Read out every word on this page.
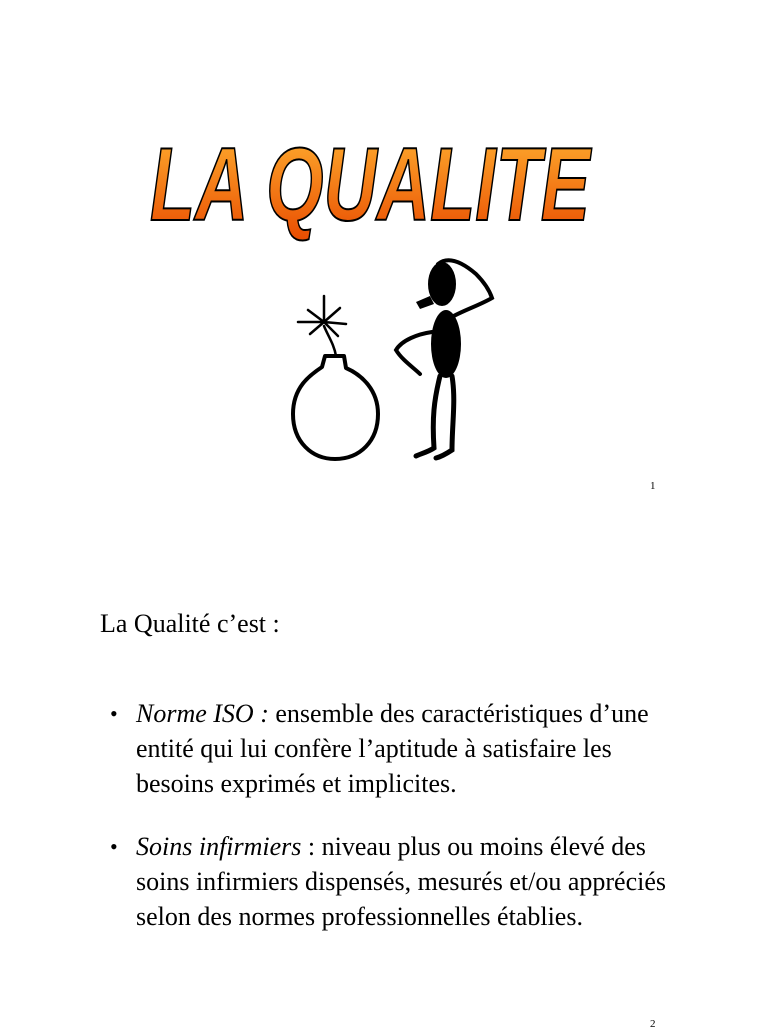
LA QUALITE
1
La Qualité c’est :
• Norme ISO : ensemble des caractéristiques d’une entité qui lui confère l’aptitude à satisfaire les besoins exprimés et implicites.
• Soins infirmiers : niveau plus ou moins élevé des soins infirmiers dispensés, mesurés et/ou appréciés selon des normes professionnelles établies.
2
